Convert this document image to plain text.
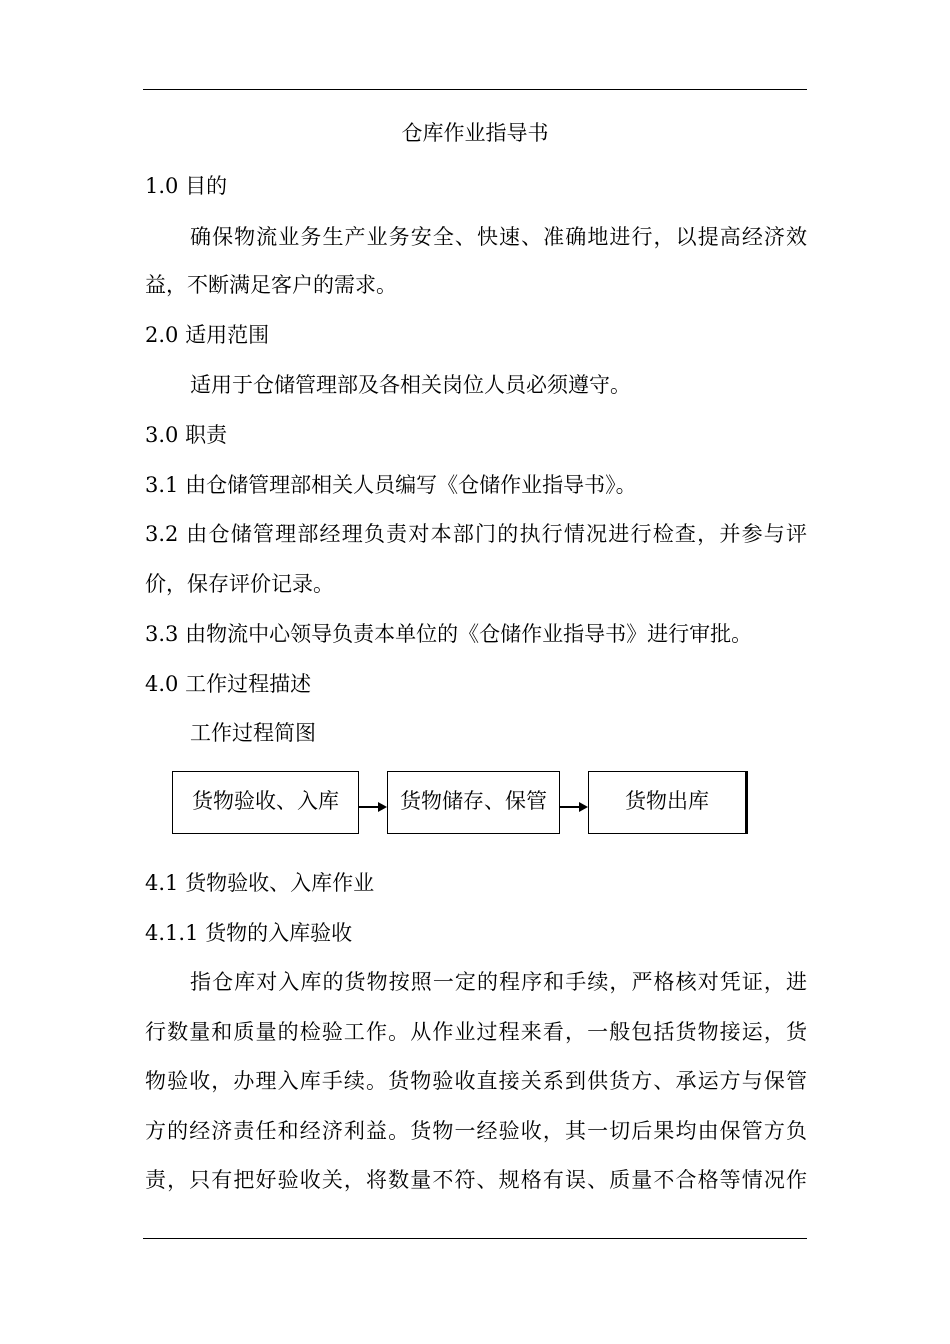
仓库作业指导书
1.0 目的
确保物流业务生产业务安全、快速、准确地进行，以提高经济效
益，不断满足客户的需求。
2.0 适用范围
适用于仓储管理部及各相关岗位人员必须遵守。
3.0 职责
3.1 由仓储管理部相关人员编写《仓储作业指导书》。
3.2 由仓储管理部经理负责对本部门的执行情况进行检查，并参与评
价，保存评价记录。
3.3 由物流中心领导负责本单位的《仓储作业指导书》进行审批。
4.0 工作过程描述
工作过程简图
货物验收、入库	货物储存、保管	货物出库
4.1 货物验收、入库作业
4.1.1 货物的入库验收
指仓库对入库的货物按照一定的程序和手续，严格核对凭证，进
行数量和质量的检验工作。从作业过程来看，一般包括货物接运，货
物验收，办理入库手续。货物验收直接关系到供货方、承运方与保管
方的经济责任和经济利益。货物一经验收，其一切后果均由保管方负
责，只有把好验收关，将数量不符、规格有误、质量不合格等情况作
